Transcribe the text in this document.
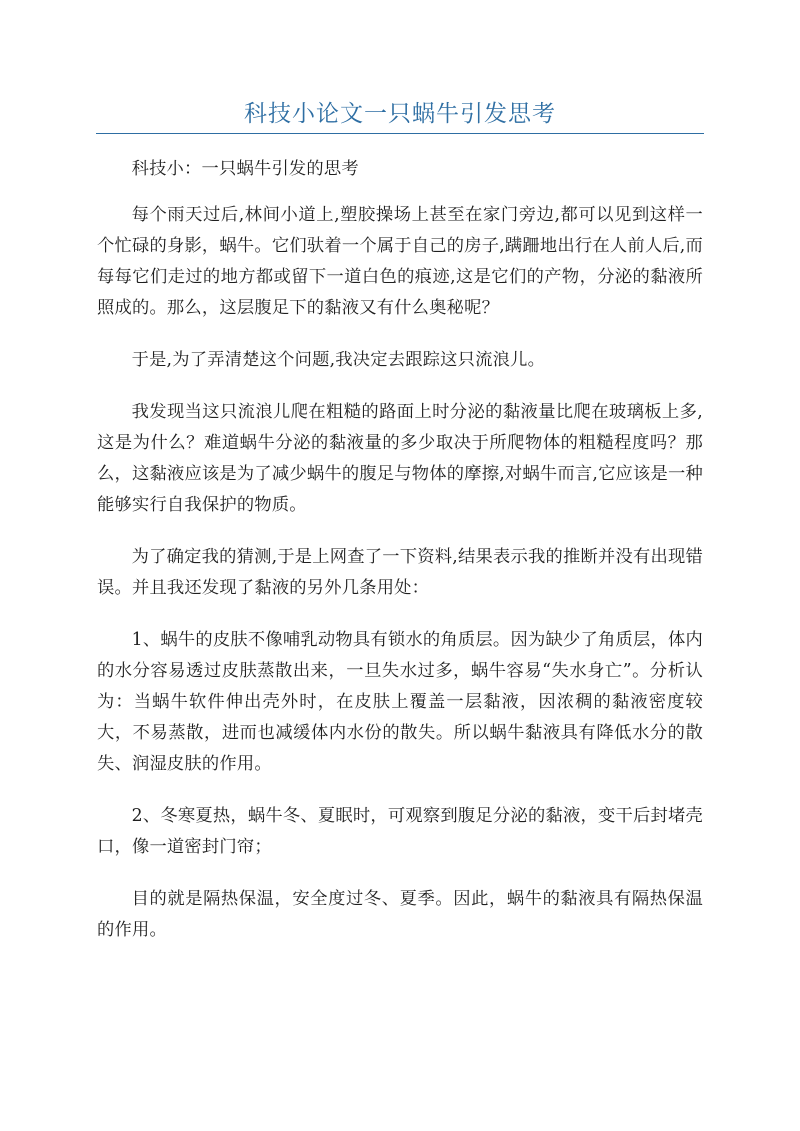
科技小论文一只蜗牛引发思考

科技小：一只蜗牛引发的思考

每个雨天过后,林间小道上,塑胶操场上甚至在家门旁边,都可以见到这样一个忙碌的身影，蜗牛。它们驮着一个属于自己的房子,蹒跚地出行在人前人后,而每每它们走过的地方都或留下一道白色的痕迹,这是它们的产物，分泌的黏液所照成的。那么，这层腹足下的黏液又有什么奥秘呢？

于是,为了弄清楚这个问题,我决定去跟踪这只流浪儿。

我发现当这只流浪儿爬在粗糙的路面上时分泌的黏液量比爬在玻璃板上多,这是为什么？难道蜗牛分泌的黏液量的多少取决于所爬物体的粗糙程度吗？那么，这黏液应该是为了减少蜗牛的腹足与物体的摩擦,对蜗牛而言,它应该是一种能够实行自我保护的物质。

为了确定我的猜测,于是上网查了一下资料,结果表示我的推断并没有出现错误。并且我还发现了黏液的另外几条用处：

1、蜗牛的皮肤不像哺乳动物具有锁水的角质层。因为缺少了角质层，体内的水分容易透过皮肤蒸散出来，一旦失水过多，蜗牛容易“失水身亡”。分析认为：当蜗牛软件伸出壳外时，在皮肤上覆盖一层黏液，因浓稠的黏液密度较大，不易蒸散，进而也减缓体内水份的散失。所以蜗牛黏液具有降低水分的散失、润湿皮肤的作用。

2、冬寒夏热，蜗牛冬、夏眠时，可观察到腹足分泌的黏液，变干后封堵壳口，像一道密封门帘；

目的就是隔热保温，安全度过冬、夏季。因此，蜗牛的黏液具有隔热保温的作用。
